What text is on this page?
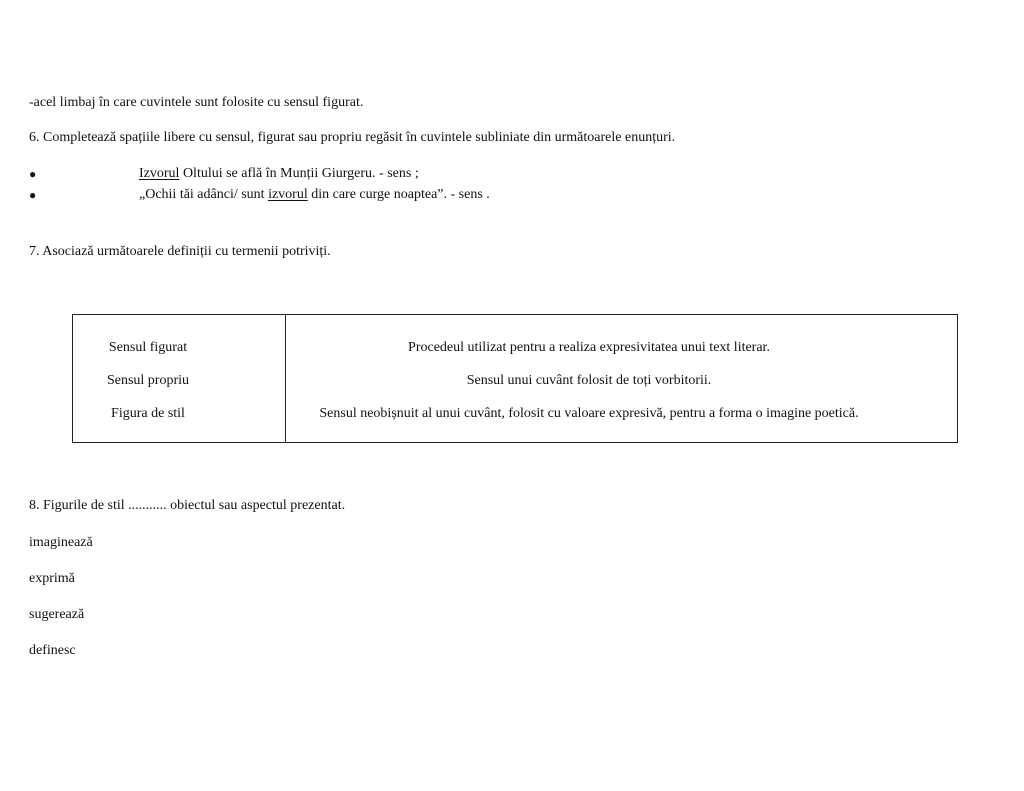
-acel limbaj în care cuvintele sunt folosite cu sensul figurat.
6. Completează spațiile libere cu sensul, figurat sau propriu regăsit în cuvintele subliniate din următoarele enunțuri.
●	Izvorul Oltului se află în Munții Giurgeru. - sens ;
●	„Ochii tăi adânci/ sunt izvorul din care curge noaptea”. - sens .
7. Asociază următoarele definiții cu termenii potriviți.
Sensul figurat
Sensul propriu
Figura de stil
Procedeul utilizat pentru a realiza expresivitatea unui text literar.
Sensul unui cuvânt folosit de toți vorbitorii.
Sensul neobișnuit al unui cuvânt, folosit cu valoare expresivă, pentru a forma o imagine poetică.
8. Figurile de stil ........... obiectul sau aspectul prezentat.
imaginează
exprimă
sugerează
definesc
